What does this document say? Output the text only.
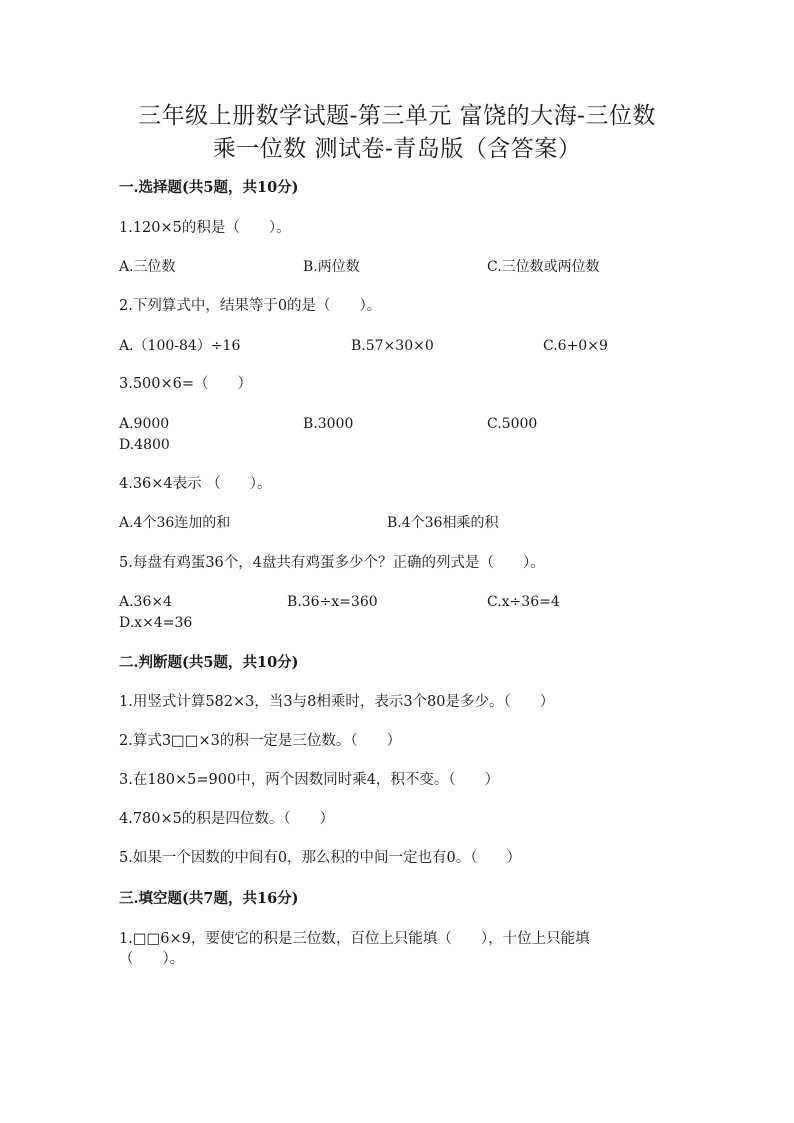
三年级上册数学试题-第三单元 富饶的大海-三位数
乘一位数 测试卷-青岛版（含答案）
一.选择题(共5题，共10分)
1.120×5的积是（　　）。
A.三位数	B.两位数	C.三位数或两位数
2.下列算式中，结果等于0的是（　　）。
A.（100-84）÷16	B.57×30×0	C.6+0×9
3.500×6=（　　）
A.9000	B.3000	C.5000
D.4800
4.36×4表示 （　　）。
A.4个36连加的和	B.4个36相乘的积
5.每盘有鸡蛋36个，4盘共有鸡蛋多少个？正确的列式是（　　）。
A.36×4	B.36÷x=360	C.x÷36=4
D.x×4=36
二.判断题(共5题，共10分)
1.用竖式计算582×3，当3与8相乘时，表示3个80是多少。（　　）
2.算式3□□×3的积一定是三位数。（　　）
3.在180×5=900中，两个因数同时乘4，积不变。（　　）
4.780×5的积是四位数。（　　）
5.如果一个因数的中间有0，那么积的中间一定也有0。（　　）
三.填空题(共7题，共16分)
1.□□6×9，要使它的积是三位数，百位上只能填（　　），十位上只能填
（　　）。
